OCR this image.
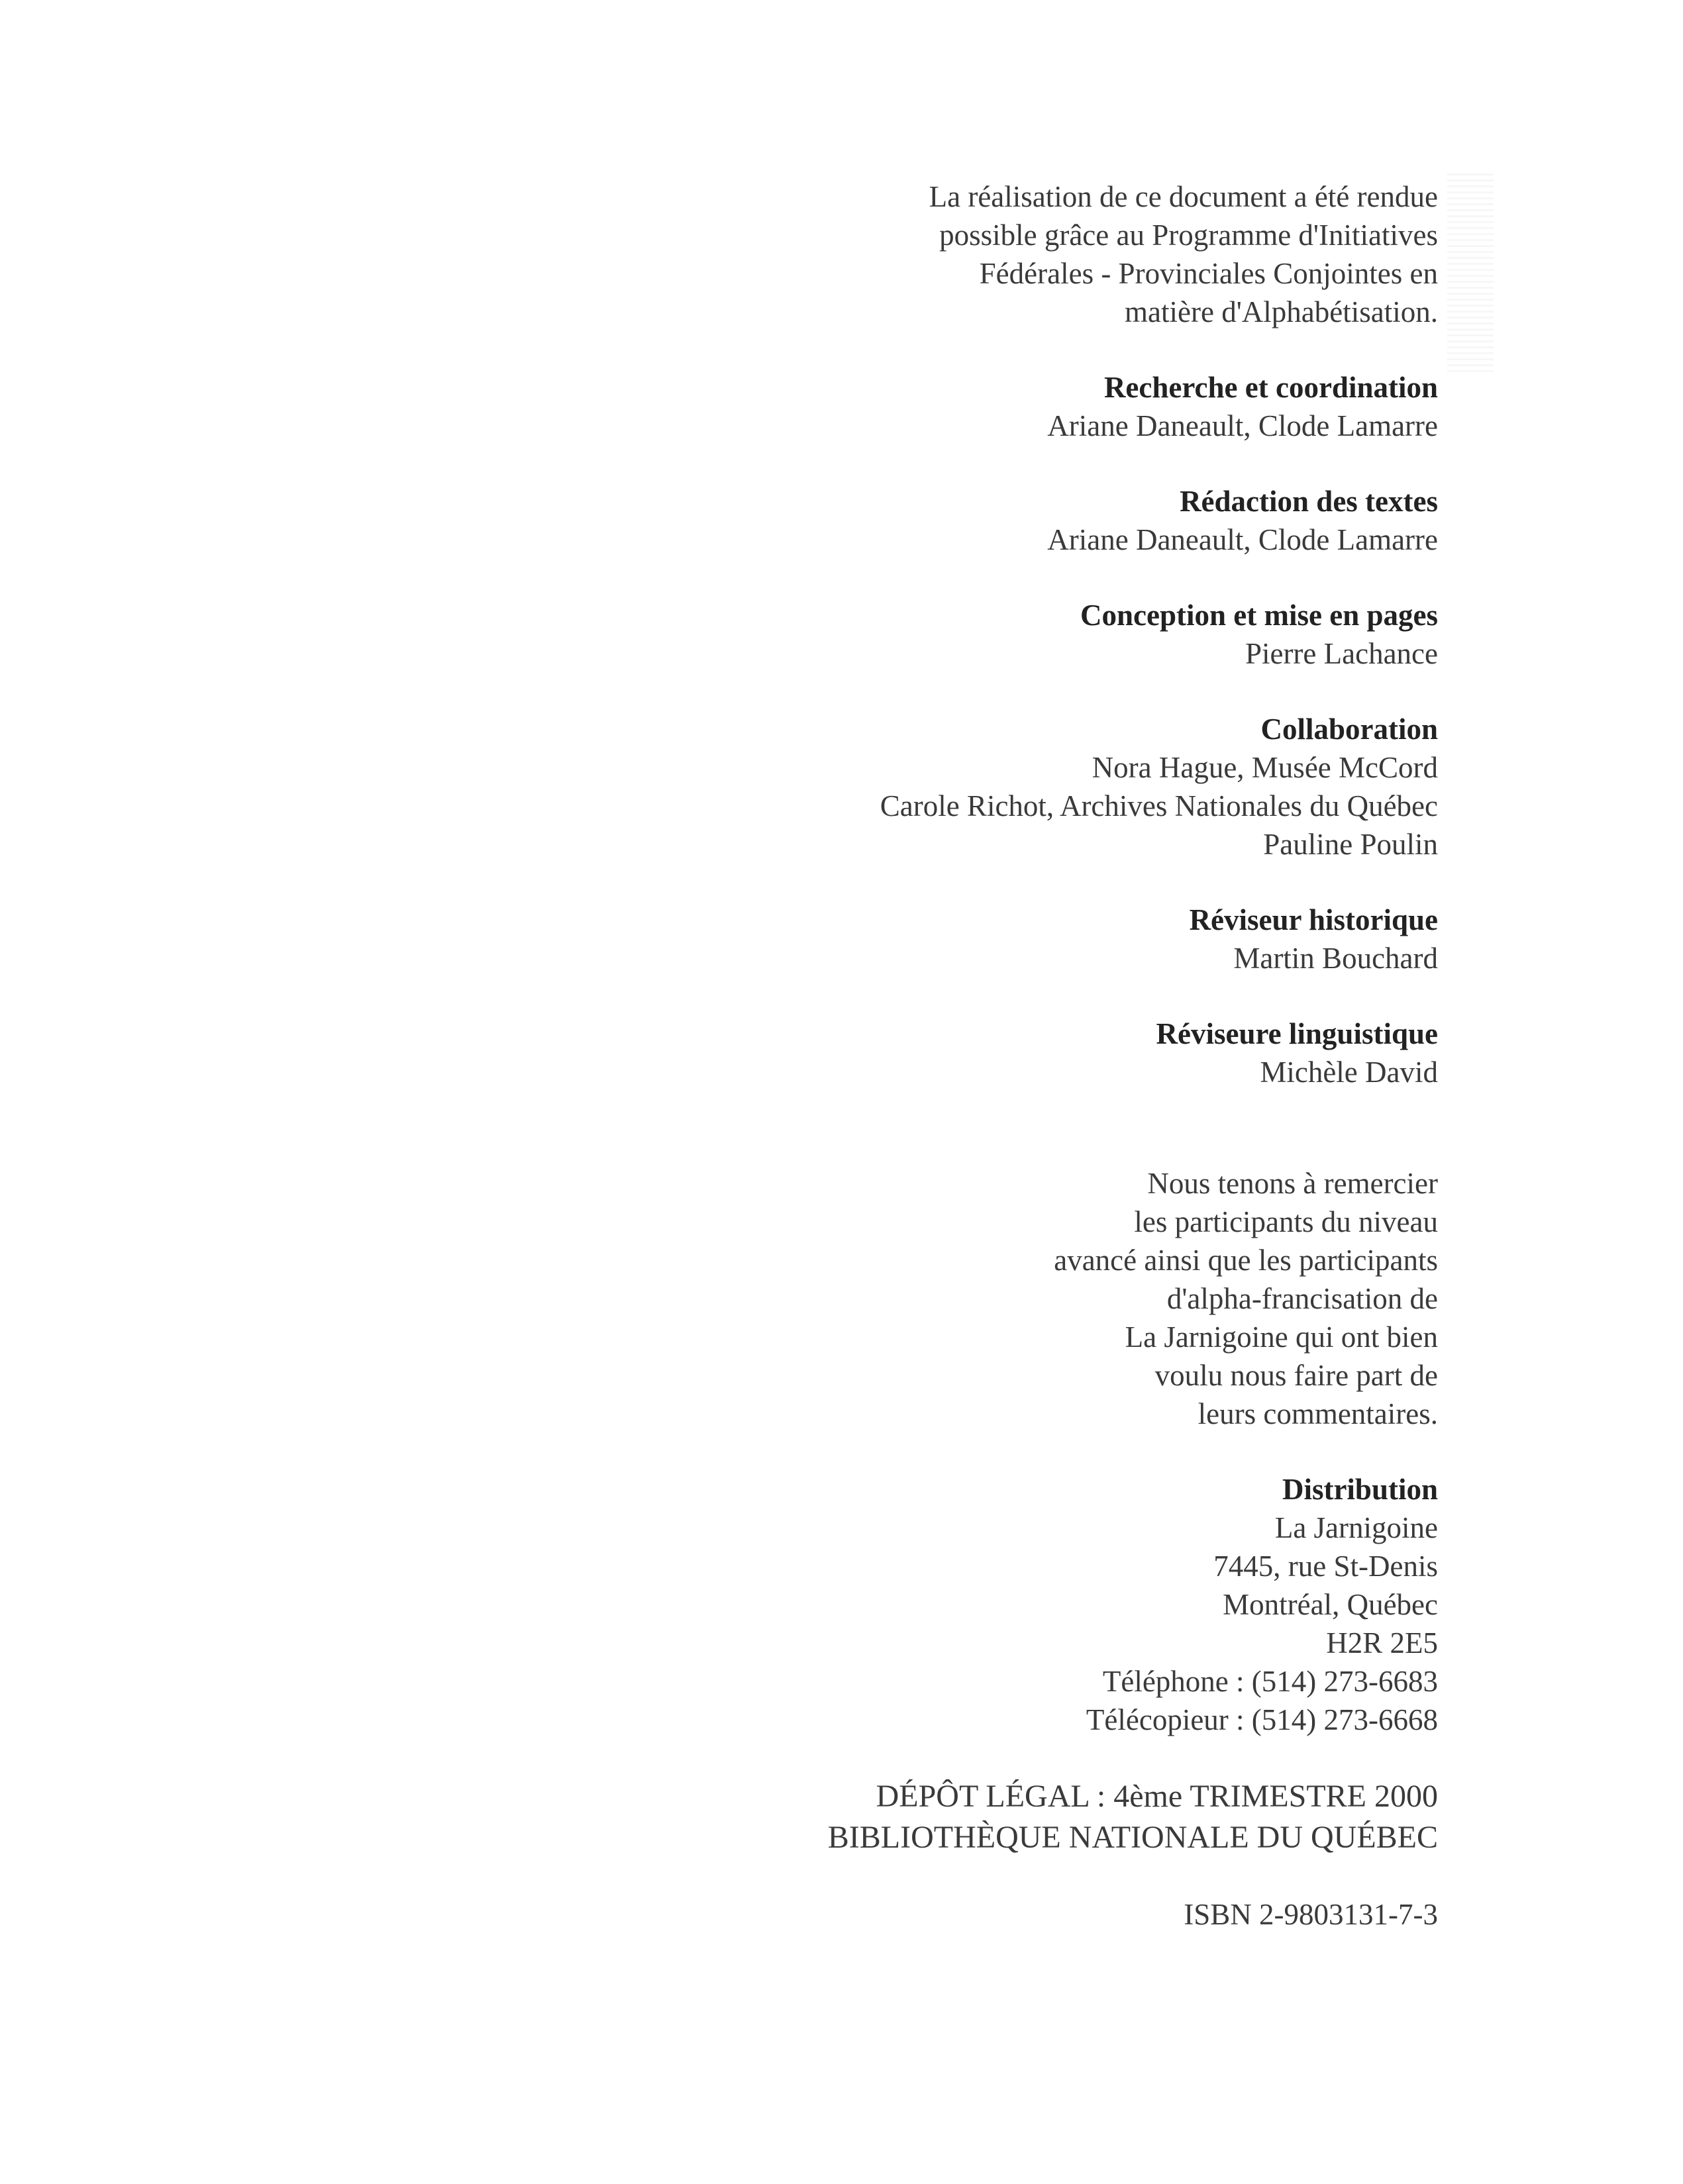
La réalisation de ce document a été rendue
possible grâce au Programme d'Initiatives
Fédérales - Provinciales Conjointes en
matière d'Alphabétisation.
Recherche et coordination
Ariane Daneault, Clode Lamarre
Rédaction des textes
Ariane Daneault, Clode Lamarre
Conception et mise en pages
Pierre Lachance
Collaboration
Nora Hague, Musée McCord
Carole Richot, Archives Nationales du Québec
Pauline Poulin
Réviseur historique
Martin Bouchard
Réviseure linguistique
Michèle David
Nous tenons à remercier
les participants du niveau
avancé ainsi que les participants
d'alpha-francisation de
La Jarnigoine qui ont bien
voulu nous faire part de
leurs commentaires.
Distribution
La Jarnigoine
7445, rue St-Denis
Montréal, Québec
H2R 2E5
Téléphone : (514) 273-6683
Télécopieur : (514) 273-6668
DÉPÔT LÉGAL : 4ème TRIMESTRE 2000
BIBLIOTHÈQUE NATIONALE DU QUÉBEC
ISBN 2-9803131-7-3
